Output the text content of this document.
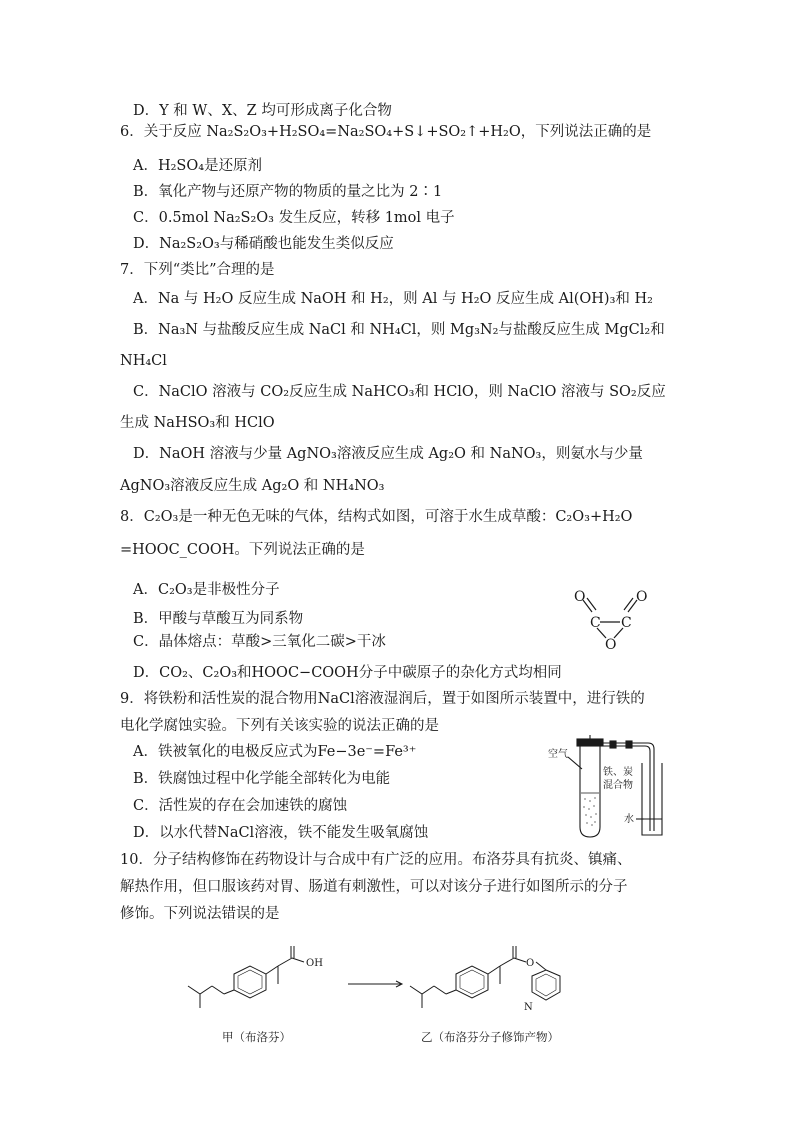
D．Y 和 W、X、Z 均可形成离子化合物
6．关于反应 Na₂S₂O₃+H₂SO₄=Na₂SO₄+S↓+SO₂↑+H₂O，下列说法正确的是
A．H₂SO₄是还原剂
B．氧化产物与还原产物的物质的量之比为 2∶1
C．0.5mol Na₂S₂O₃ 发生反应，转移 1mol 电子
D．Na₂S₂O₃与稀硝酸也能发生类似反应
7．下列“类比”合理的是
A．Na 与 H₂O 反应生成 NaOH 和 H₂，则 Al 与 H₂O 反应生成 Al(OH)₃和 H₂
B．Na₃N 与盐酸反应生成 NaCl 和 NH₄Cl，则 Mg₃N₂与盐酸反应生成 MgCl₂和
NH₄Cl
C．NaClO 溶液与 CO₂反应生成 NaHCO₃和 HClO，则 NaClO 溶液与 SO₂反应
生成 NaHSO₃和 HClO
D．NaOH 溶液与少量 AgNO₃溶液反应生成 Ag₂O 和 NaNO₃，则氨水与少量
AgNO₃溶液反应生成 Ag₂O 和 NH₄NO₃
8．C₂O₃是一种无色无味的气体，结构式如图，可溶于水生成草酸：C₂O₃+H₂O
=HOOC_COOH。下列说法正确的是
A．C₂O₃是非极性分子
B．甲酸与草酸互为同系物
C．晶体熔点：草酸>三氧化二碳>干冰
D．CO₂、C₂O₃和HOOC−COOH分子中碳原子的杂化方式均相同
O	O
C C
O
9．将铁粉和活性炭的混合物用NaCl溶液湿润后，置于如图所示装置中，进行铁的
电化学腐蚀实验。下列有关该实验的说法正确的是
A．铁被氧化的电极反应式为Fe−3e⁻=Fe³⁺
B．铁腐蚀过程中化学能全部转化为电能
C．活性炭的存在会加速铁的腐蚀
D．以水代替NaCl溶液，铁不能发生吸氧腐蚀
空气
铁、炭
混合物
水
10．分子结构修饰在药物设计与合成中有广泛的应用。布洛芬具有抗炎、镇痛、
解热作用，但口服该药对胃、肠道有刺激性，可以对该分子进行如图所示的分子
修饰。下列说法错误的是
OH	O
N
甲（布洛芬）	乙（布洛芬分子修饰产物）
